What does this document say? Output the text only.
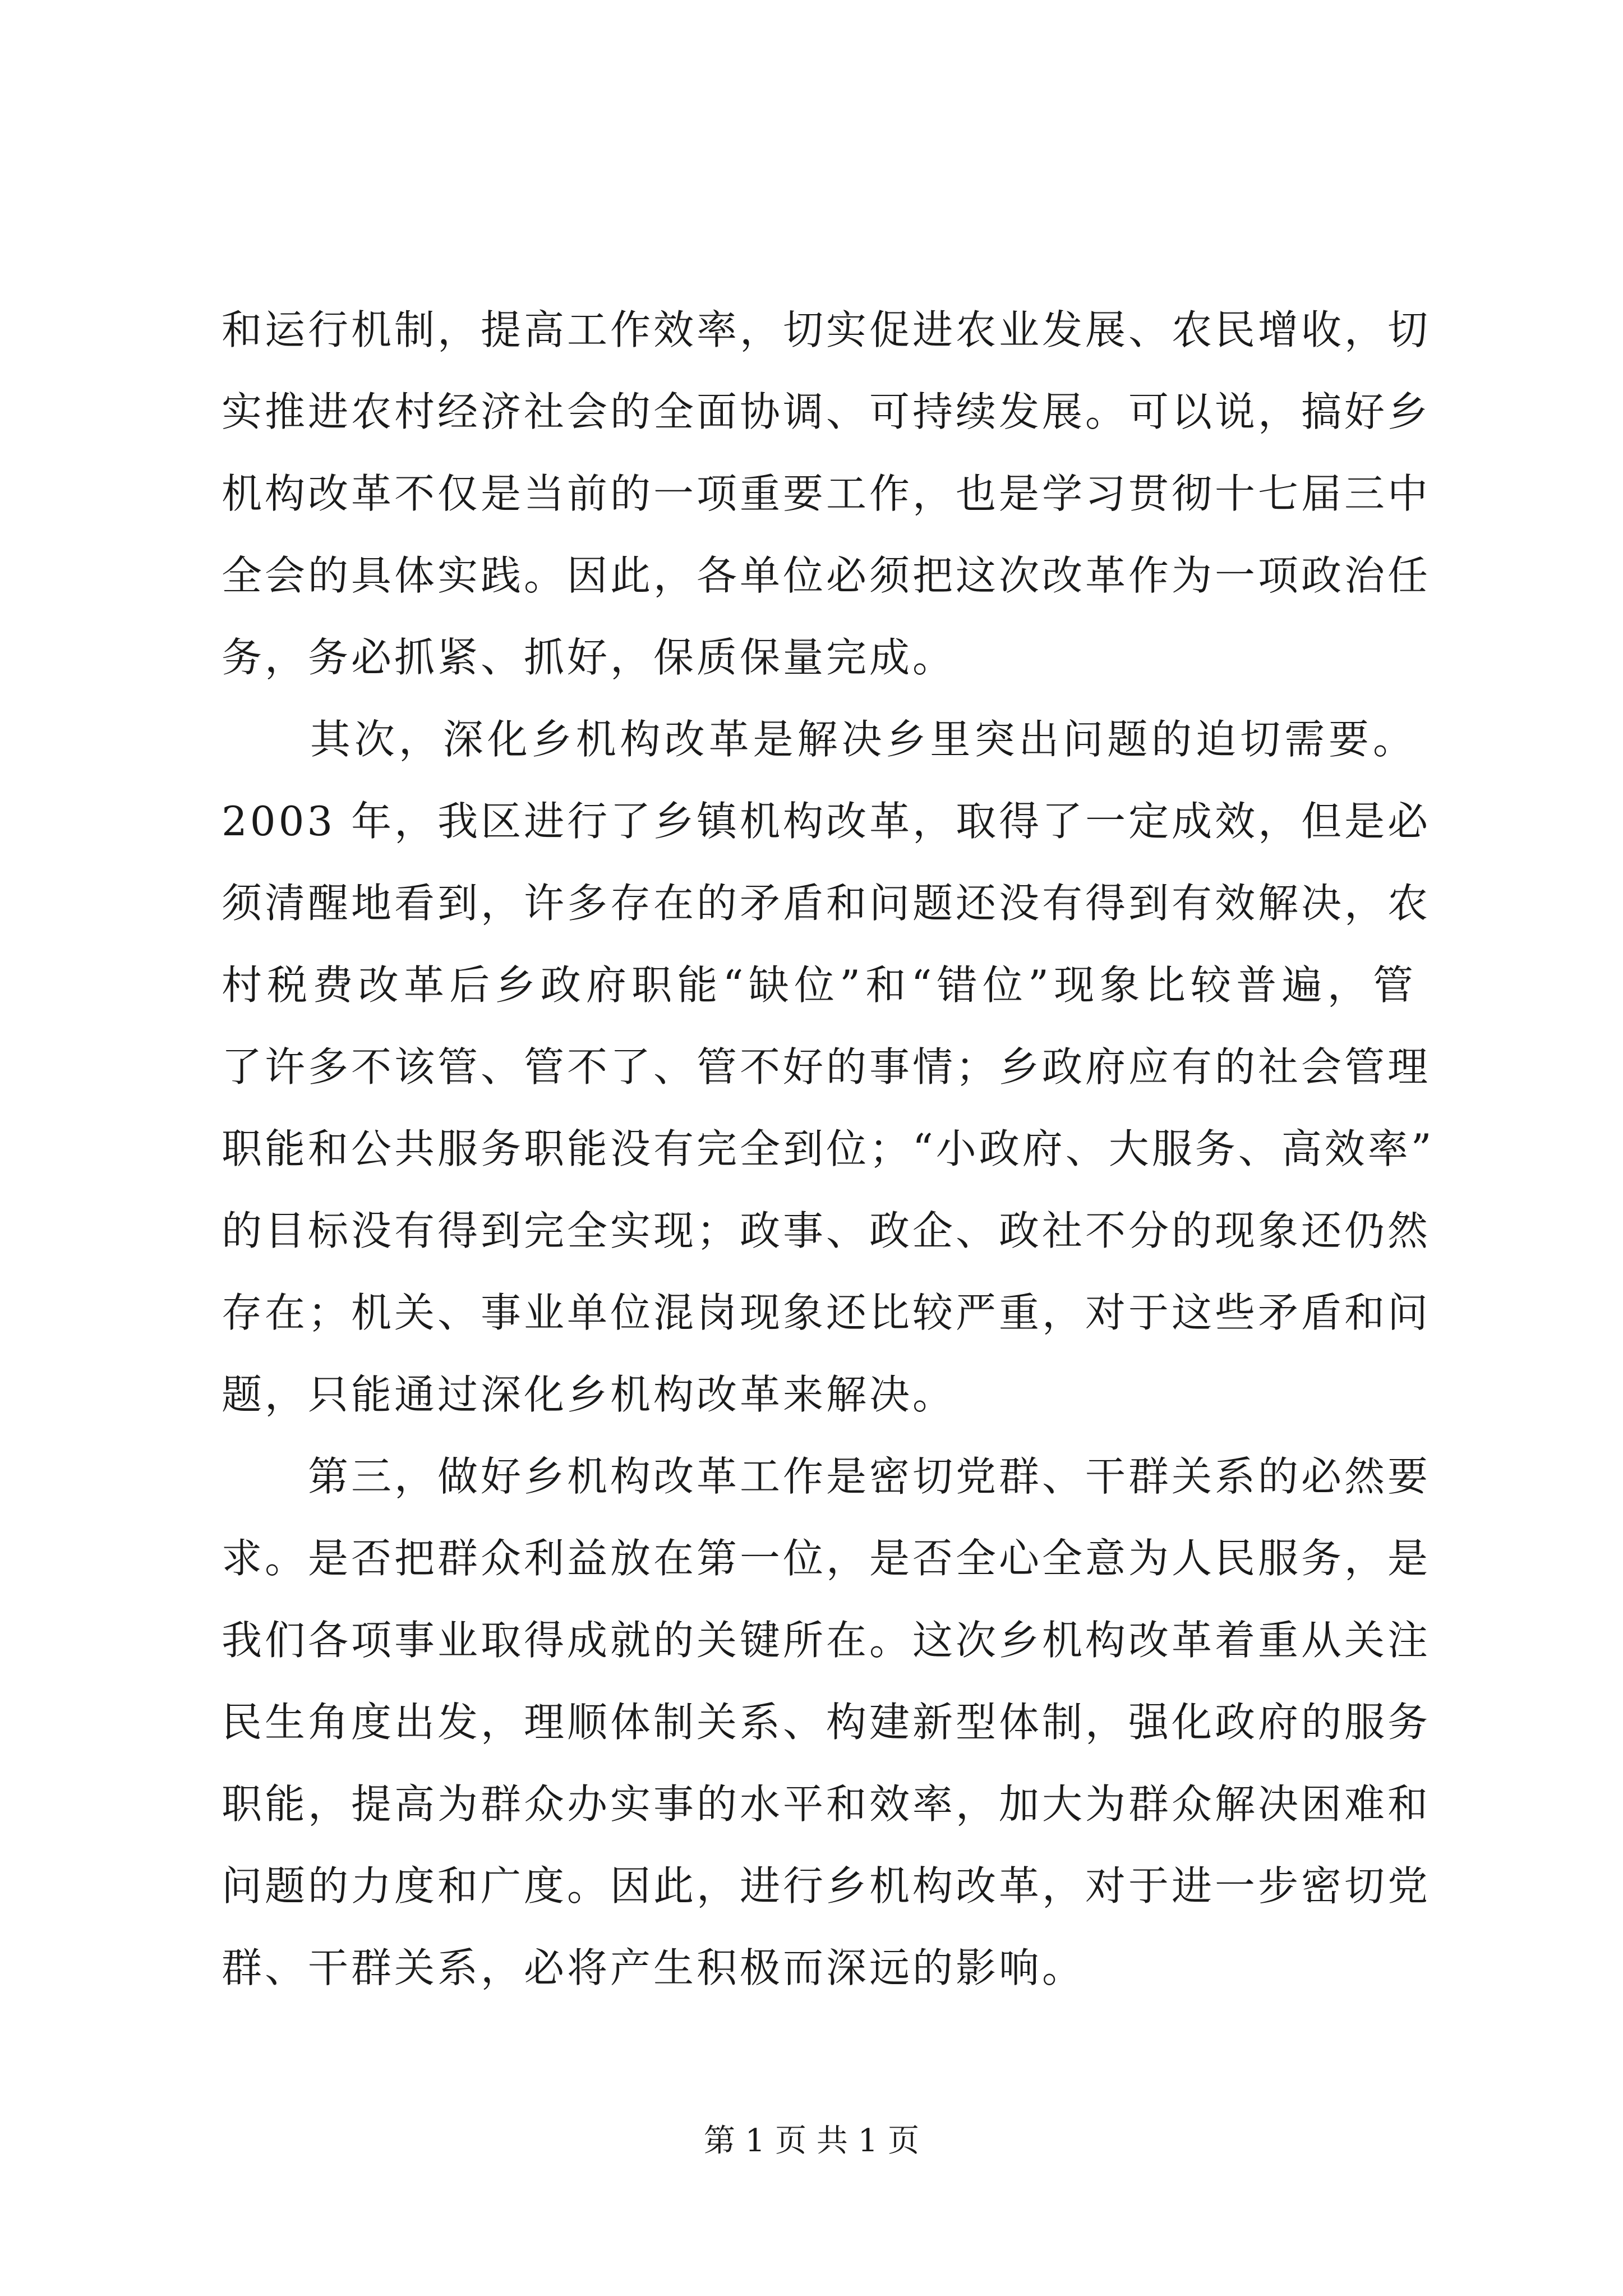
和运行机制，提高工作效率，切实促进农业发展、农民增收，切
实推进农村经济社会的全面协调、可持续发展。可以说，搞好乡
机构改革不仅是当前的一项重要工作，也是学习贯彻十七届三中
全会的具体实践。因此，各单位必须把这次改革作为一项政治任
务，务必抓紧、抓好，保质保量完成。
　　其次，深化乡机构改革是解决乡里突出问题的迫切需要。
2003 年，我区进行了乡镇机构改革，取得了一定成效，但是必
须清醒地看到，许多存在的矛盾和问题还没有得到有效解决，农
村税费改革后乡政府职能“缺位”和“错位”现象比较普遍，管
了许多不该管、管不了、管不好的事情；乡政府应有的社会管理
职能和公共服务职能没有完全到位；“小政府、大服务、高效率”
的目标没有得到完全实现；政事、政企、政社不分的现象还仍然
存在；机关、事业单位混岗现象还比较严重，对于这些矛盾和问
题，只能通过深化乡机构改革来解决。
　　第三，做好乡机构改革工作是密切党群、干群关系的必然要
求。是否把群众利益放在第一位，是否全心全意为人民服务，是
我们各项事业取得成就的关键所在。这次乡机构改革着重从关注
民生角度出发，理顺体制关系、构建新型体制，强化政府的服务
职能，提高为群众办实事的水平和效率，加大为群众解决困难和
问题的力度和广度。因此，进行乡机构改革，对于进一步密切党
群、干群关系，必将产生积极而深远的影响。
第 1 页 共 1 页
